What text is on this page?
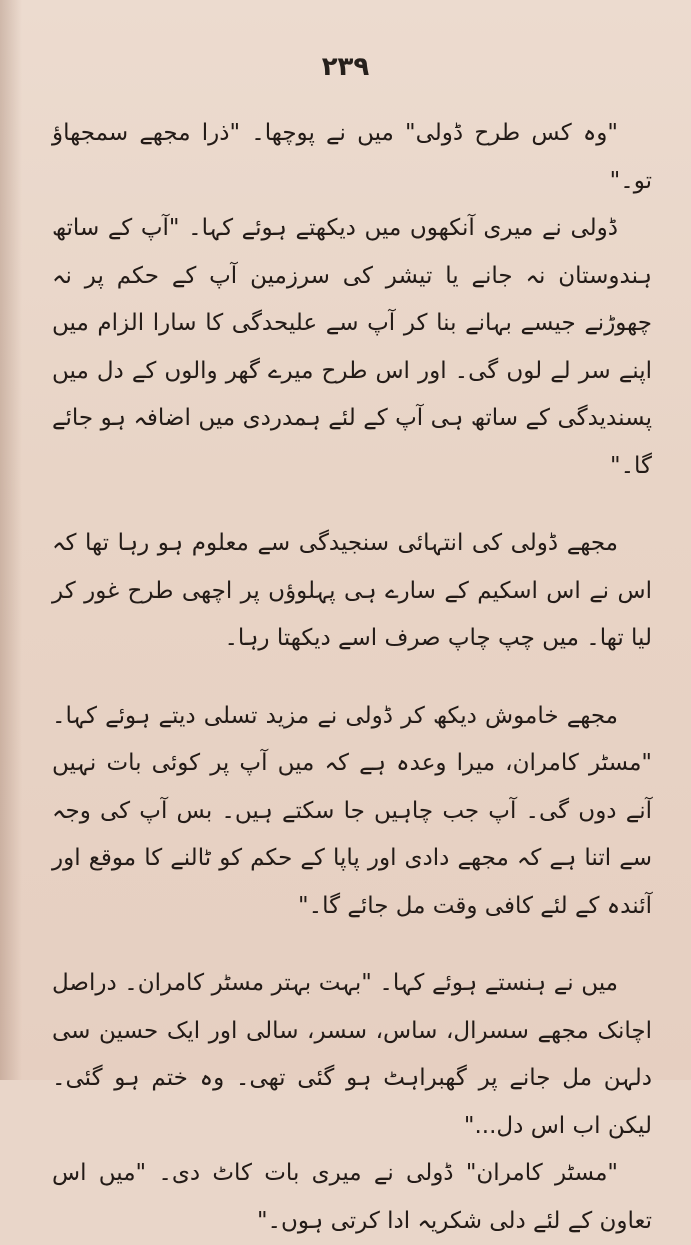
۲۳۹

"وہ کس طرح ڈولی" میں نے پوچھا۔ "ذرا مجھے سمجھاؤ تو۔"

ڈولی نے میری آنکھوں میں دیکھتے ہوئے کہا۔ "آپ کے ساتھ ہندوستان نہ جانے یا تیشر کی سرزمین آپ کے حکم پر نہ چھوڑنے جیسے بہانے بنا کر آپ سے علیحدگی کا سارا الزام میں اپنے سر لے لوں گی۔ اور اس طرح میرے گھر والوں کے دل میں پسندیدگی کے ساتھ ہی آپ کے لئے ہمدردی میں اضافہ ہو جائے گا۔"

مجھے ڈولی کی انتہائی سنجیدگی سے معلوم ہو رہا تھا کہ اس نے اس اسکیم کے سارے ہی پہلوؤں پر اچھی طرح غور کر لیا تھا۔ میں چپ چاپ صرف اسے دیکھتا رہا۔

مجھے خاموش دیکھ کر ڈولی نے مزید تسلی دیتے ہوئے کہا۔ "مسٹر کامران، میرا وعدہ ہے کہ میں آپ پر کوئی بات نہیں آنے دوں گی۔ آپ جب چاہیں جا سکتے ہیں۔ بس آپ کی وجہ سے اتنا ہے کہ مجھے دادی اور پاپا کے حکم کو ٹالنے کا موقع اور آئندہ کے لئے کافی وقت مل جائے گا۔"

میں نے ہنستے ہوئے کہا۔ "بہت بہتر مسٹر کامران۔ دراصل اچانک مجھے سسرال، ساس، سسر، سالی اور ایک حسین سی دلہن مل جانے پر گھبراہٹ ہو گئی تھی۔ وہ ختم ہو گئی۔ لیکن اب اس دل..."

"مسٹر کامران" ڈولی نے میری بات کاٹ دی۔ "میں اس تعاون کے لئے دلی شکریہ ادا کرتی ہوں۔"
